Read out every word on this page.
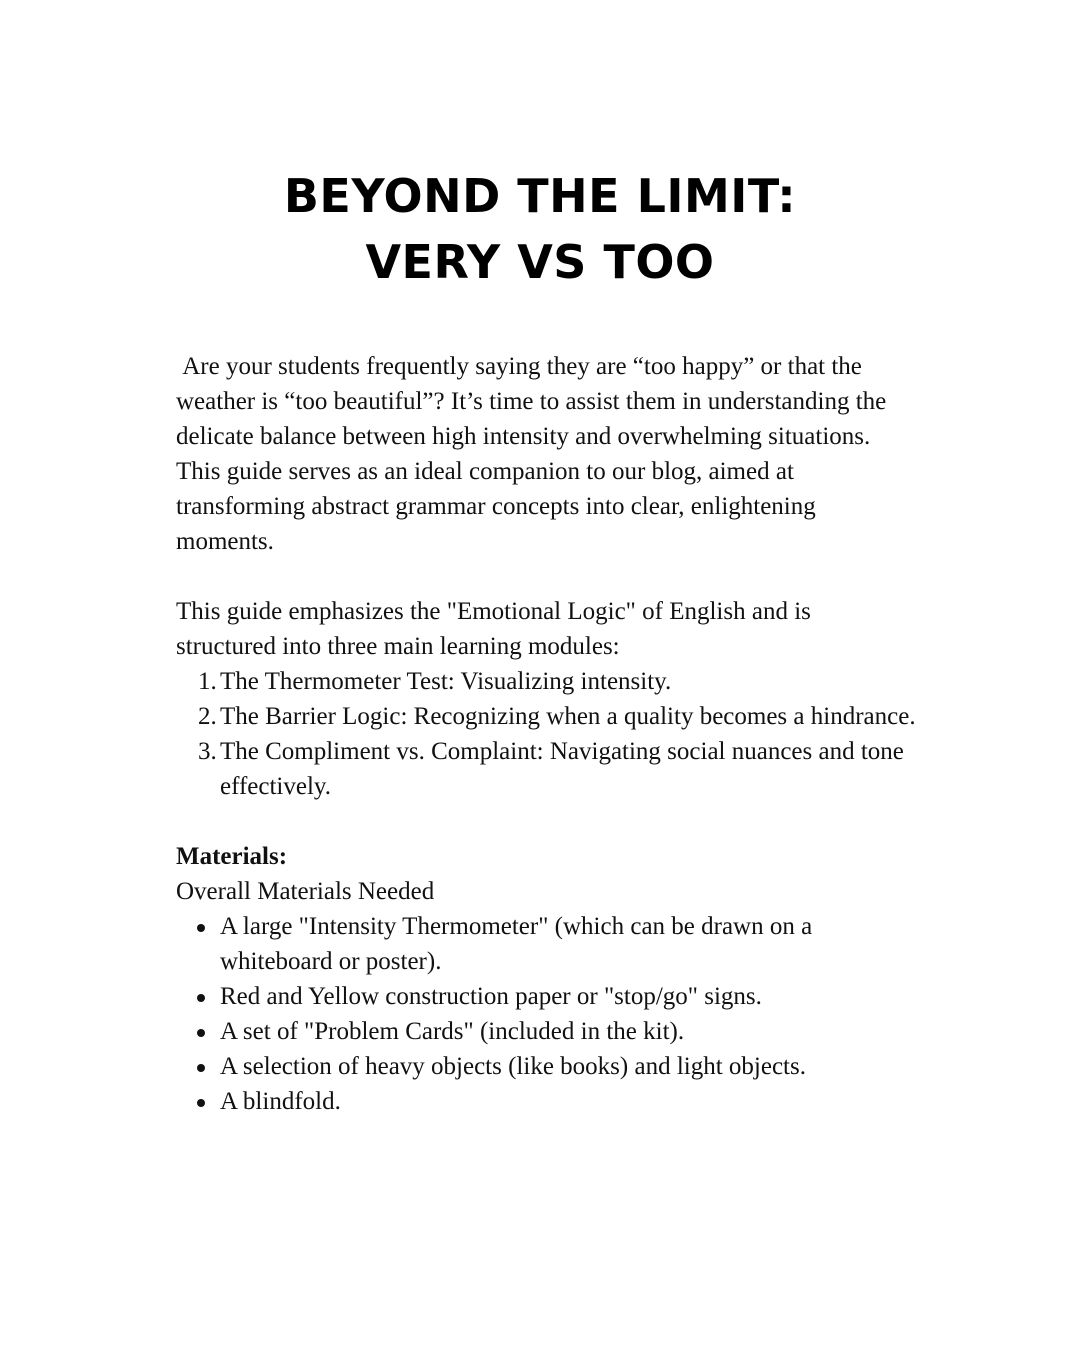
BEYOND THE LIMIT:
VERY VS TOO

Are your students frequently saying they are “too happy” or that the weather is “too beautiful”? It’s time to assist them in understanding the delicate balance between high intensity and overwhelming situations. This guide serves as an ideal companion to our blog, aimed at transforming abstract grammar concepts into clear, enlightening moments.

This guide emphasizes the "Emotional Logic" of English and is structured into three main learning modules:

1. The Thermometer Test: Visualizing intensity.
2. The Barrier Logic: Recognizing when a quality becomes a hindrance.
3. The Compliment vs. Complaint: Navigating social nuances and tone effectively.

Materials:

Overall Materials Needed

A large "Intensity Thermometer" (which can be drawn on a whiteboard or poster).
Red and Yellow construction paper or "stop/go" signs.
A set of "Problem Cards" (included in the kit).
A selection of heavy objects (like books) and light objects.
A blindfold.
